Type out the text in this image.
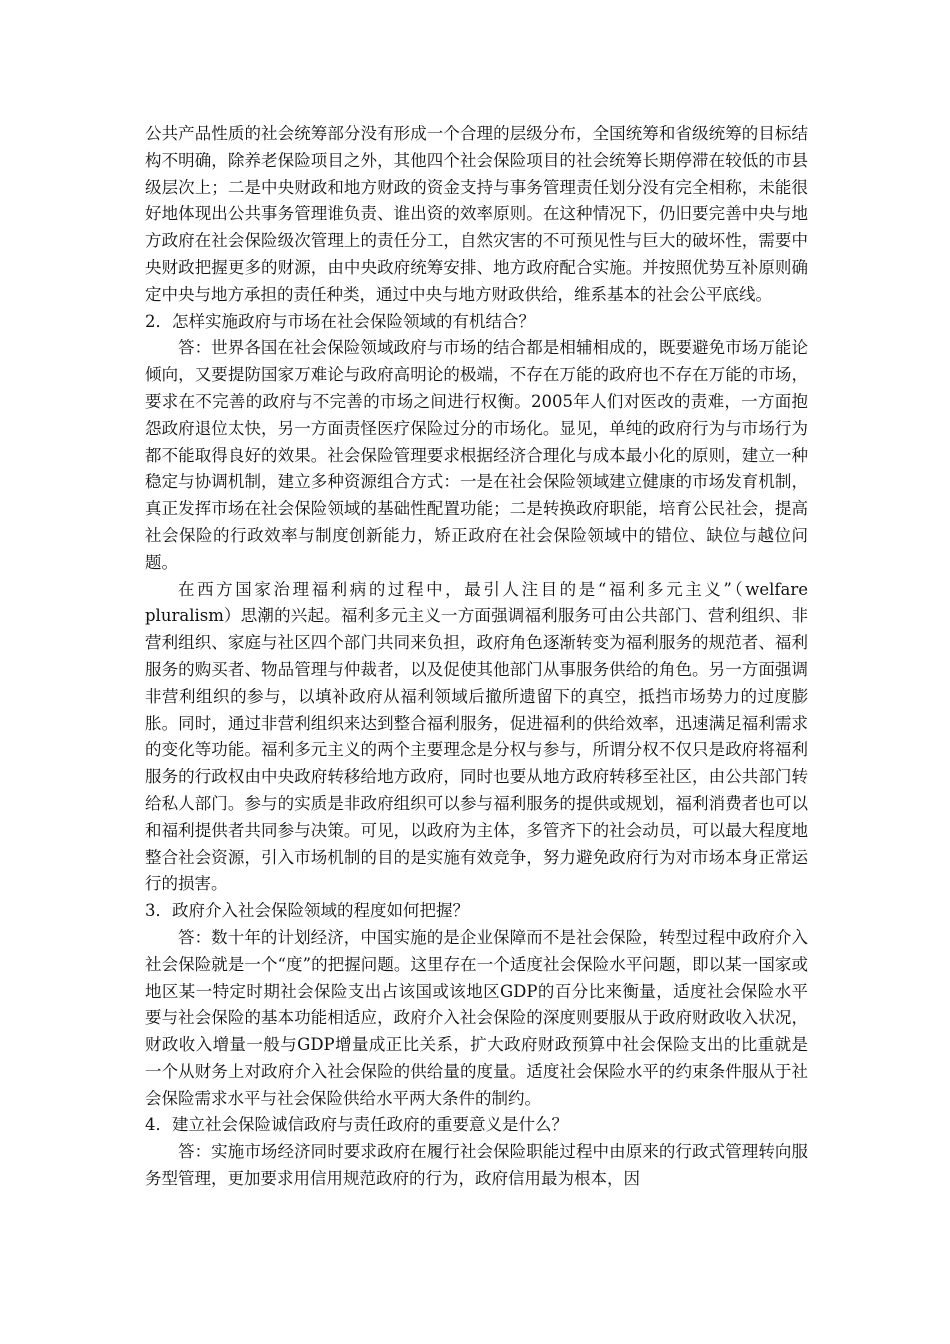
公共产品性质的社会统筹部分没有形成一个合理的层级分布，全国统筹和省级统筹的目标结构不明确，除养老保险项目之外，其他四个社会保险项目的社会统筹长期停滞在较低的市县级层次上；二是中央财政和地方财政的资金支持与事务管理责任划分没有完全相称，未能很好地体现出公共事务管理谁负责、谁出资的效率原则。在这种情况下，仍旧要完善中央与地方政府在社会保险级次管理上的责任分工，自然灾害的不可预见性与巨大的破坏性，需要中央财政把握更多的财源，由中央政府统筹安排、地方政府配合实施。并按照优势互补原则确定中央与地方承担的责任种类，通过中央与地方财政供给，维系基本的社会公平底线。

2．怎样实施政府与市场在社会保险领域的有机结合？

答：世界各国在社会保险领域政府与市场的结合都是相辅相成的，既要避免市场万能论倾向，又要提防国家万难论与政府高明论的极端，不存在万能的政府也不存在万能的市场，要求在不完善的政府与不完善的市场之间进行权衡。2005年人们对医改的责难，一方面抱怨政府退位太快，另一方面责怪医疗保险过分的市场化。显见，单纯的政府行为与市场行为都不能取得良好的效果。社会保险管理要求根据经济合理化与成本最小化的原则，建立一种稳定与协调机制，建立多种资源组合方式：一是在社会保险领域建立健康的市场发育机制，真正发挥市场在社会保险领域的基础性配置功能；二是转换政府职能，培育公民社会，提高社会保险的行政效率与制度创新能力，矫正政府在社会保险领域中的错位、缺位与越位问题。

在西方国家治理福利病的过程中，最引人注目的是“福利多元主义”（welfare pluralism）思潮的兴起。福利多元主义一方面强调福利服务可由公共部门、营利组织、非营利组织、家庭与社区四个部门共同来负担，政府角色逐渐转变为福利服务的规范者、福利服务的购买者、物品管理与仲裁者，以及促使其他部门从事服务供给的角色。另一方面强调非营利组织的参与，以填补政府从福利领域后撤所遗留下的真空，抵挡市场势力的过度膨胀。同时，通过非营利组织来达到整合福利服务，促进福利的供给效率，迅速满足福利需求的变化等功能。福利多元主义的两个主要理念是分权与参与，所谓分权不仅只是政府将福利服务的行政权由中央政府转移给地方政府，同时也要从地方政府转移至社区，由公共部门转给私人部门。参与的实质是非政府组织可以参与福利服务的提供或规划，福利消费者也可以和福利提供者共同参与决策。可见，以政府为主体，多管齐下的社会动员，可以最大程度地整合社会资源，引入市场机制的目的是实施有效竞争，努力避免政府行为对市场本身正常运行的损害。

3．政府介入社会保险领域的程度如何把握？

答：数十年的计划经济，中国实施的是企业保障而不是社会保险，转型过程中政府介入社会保险就是一个“度”的把握问题。这里存在一个适度社会保险水平问题，即以某一国家或地区某一特定时期社会保险支出占该国或该地区GDP的百分比来衡量，适度社会保险水平要与社会保险的基本功能相适应，政府介入社会保险的深度则要服从于政府财政收入状况，财政收入增量一般与GDP增量成正比关系，扩大政府财政预算中社会保险支出的比重就是一个从财务上对政府介入社会保险的供给量的度量。适度社会保险水平的约束条件服从于社会保险需求水平与社会保险供给水平两大条件的制约。

4．建立社会保险诚信政府与责任政府的重要意义是什么？

答：实施市场经济同时要求政府在履行社会保险职能过程中由原来的行政式管理转向服务型管理，更加要求用信用规范政府的行为，政府信用最为根本，因
